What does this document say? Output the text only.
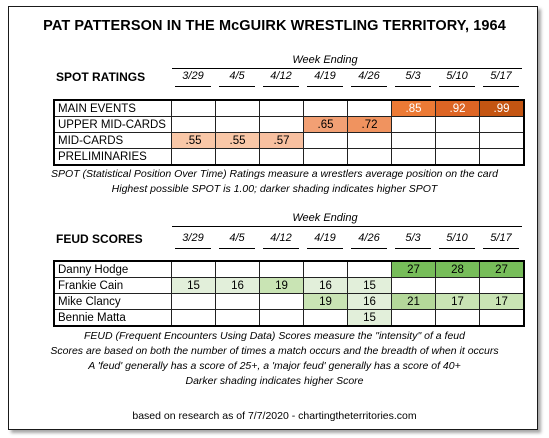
PAT PATTERSON IN THE McGUIRK WRESTLING TERRITORY, 1964
Week Ending
SPOT RATINGS	3/29	4/5	4/12	4/19	4/26	5/3	5/10	5/17
MAIN EVENTS						.85	.92	.99
UPPER MID-CARDS				.65	.72			
MID-CARDS	.55	.55	.57					
PRELIMINARIES								
SPOT (Statistical Position Over Time) Ratings measure a wrestlers average position on the card
Highest possible SPOT is 1.00; darker shading indicates higher SPOT
Week Ending
FEUD SCORES	3/29	4/5	4/12	4/19	4/26	5/3	5/10	5/17
Danny Hodge						27	28	27
Frankie Cain	15	16	19	16	15			
Mike Clancy				19	16	21	17	17
Bennie Matta					15			
FEUD (Frequent Encounters Using Data) Scores measure the "intensity" of a feud
Scores are based on both the number of times a match occurs and the breadth of when it occurs
A 'feud' generally has a score of 25+, a 'major feud' generally has a score of 40+
Darker shading indicates higher Score
based on research as of 7/7/2020 - chartingtheterritories.com
